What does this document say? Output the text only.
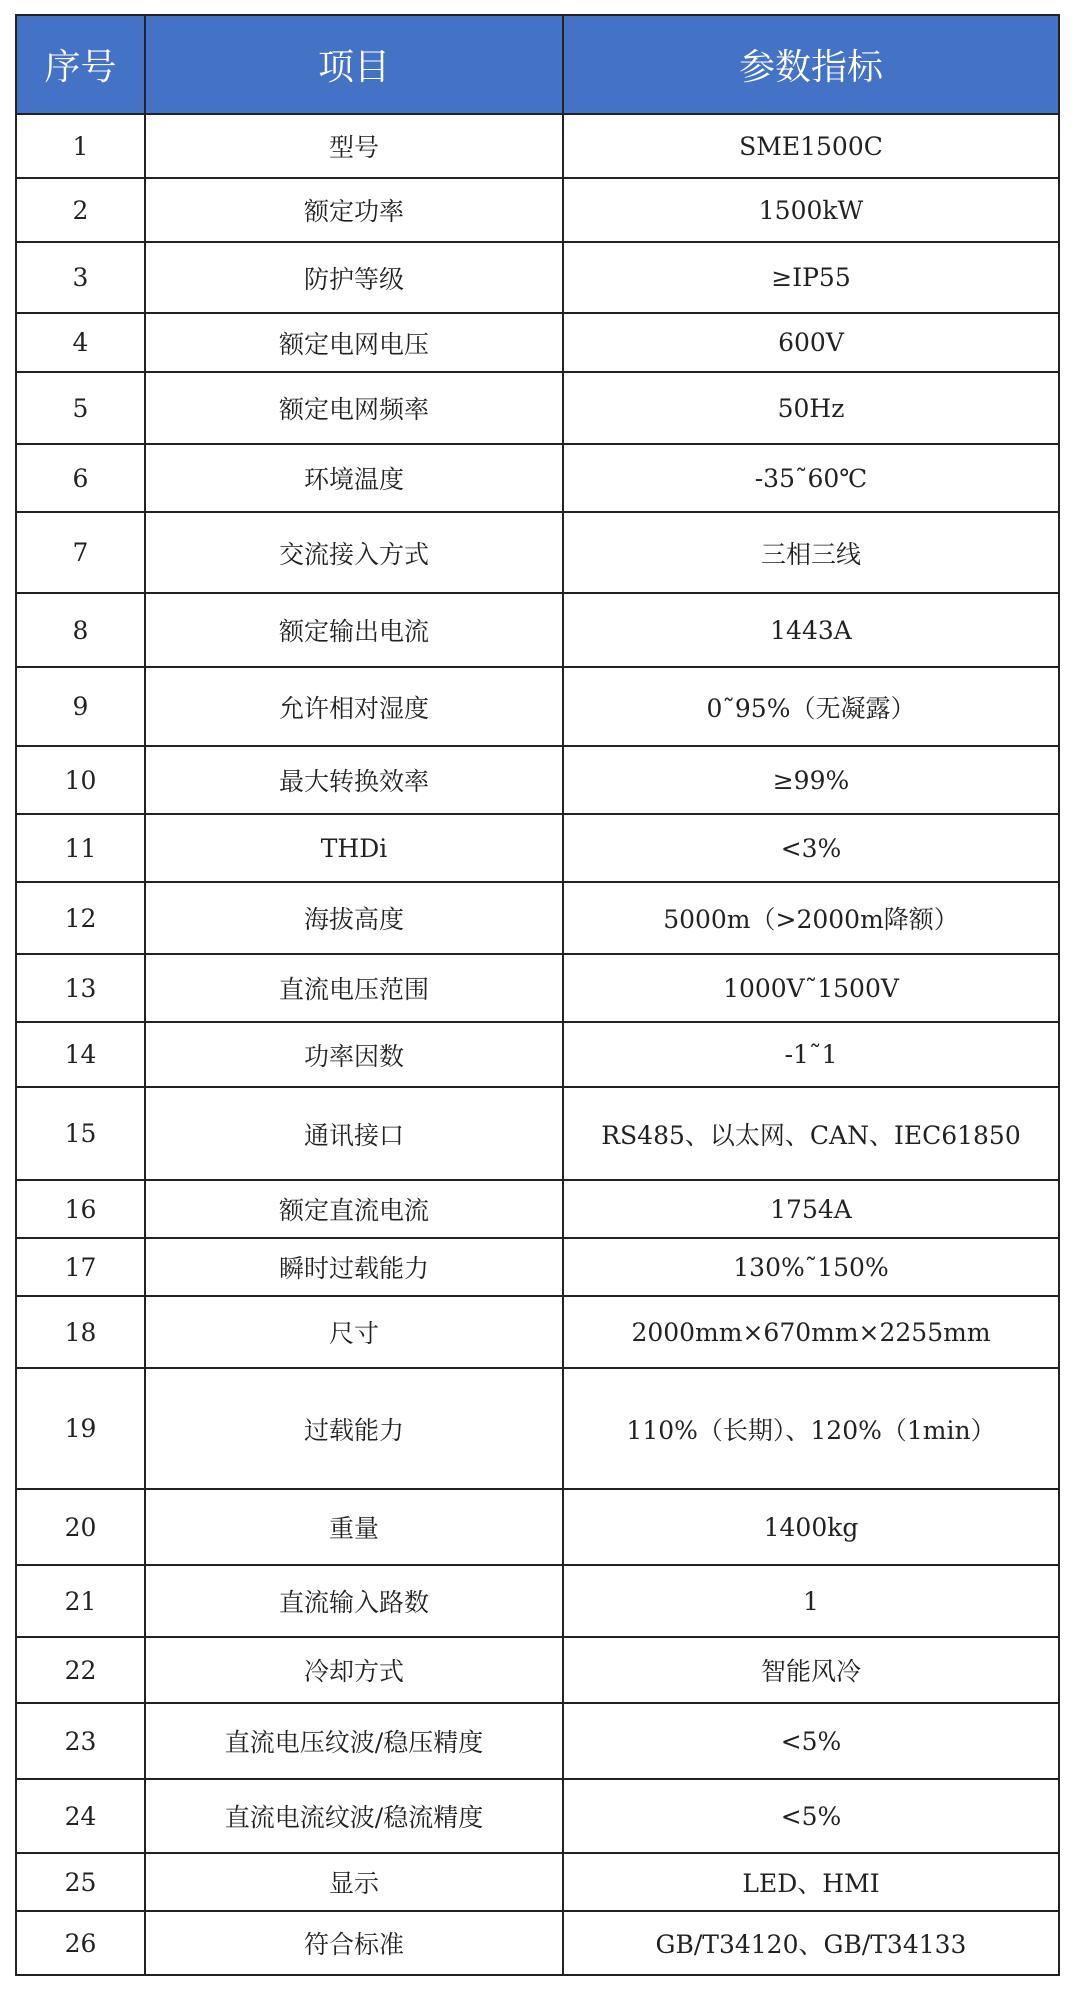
序号	项目	参数指标
1	型号	SME1500C
2	额定功率	1500kW
3	防护等级	≥IP55
4	额定电网电压	600V
5	额定电网频率	50Hz
6	环境温度	-35˜60℃
7	交流接入方式	三相三线
8	额定输出电流	1443A
9	允许相对湿度	0˜95%（无凝露）
10	最大转换效率	≥99%
11	THDi	<3%
12	海拔高度	5000m（>2000m降额）
13	直流电压范围	1000V˜1500V
14	功率因数	-1˜1
15	通讯接口	RS485、以太网、CAN、IEC61850
16	额定直流电流	1754A
17	瞬时过载能力	130%˜150%
18	尺寸	2000mm×670mm×2255mm
19	过载能力	110%（长期）、120%（1min）
20	重量	1400kg
21	直流输入路数	1
22	冷却方式	智能风冷
23	直流电压纹波/稳压精度	<5%
24	直流电流纹波/稳流精度	<5%
25	显示	LED、HMI
26	符合标准	GB/T34120、GB/T34133
